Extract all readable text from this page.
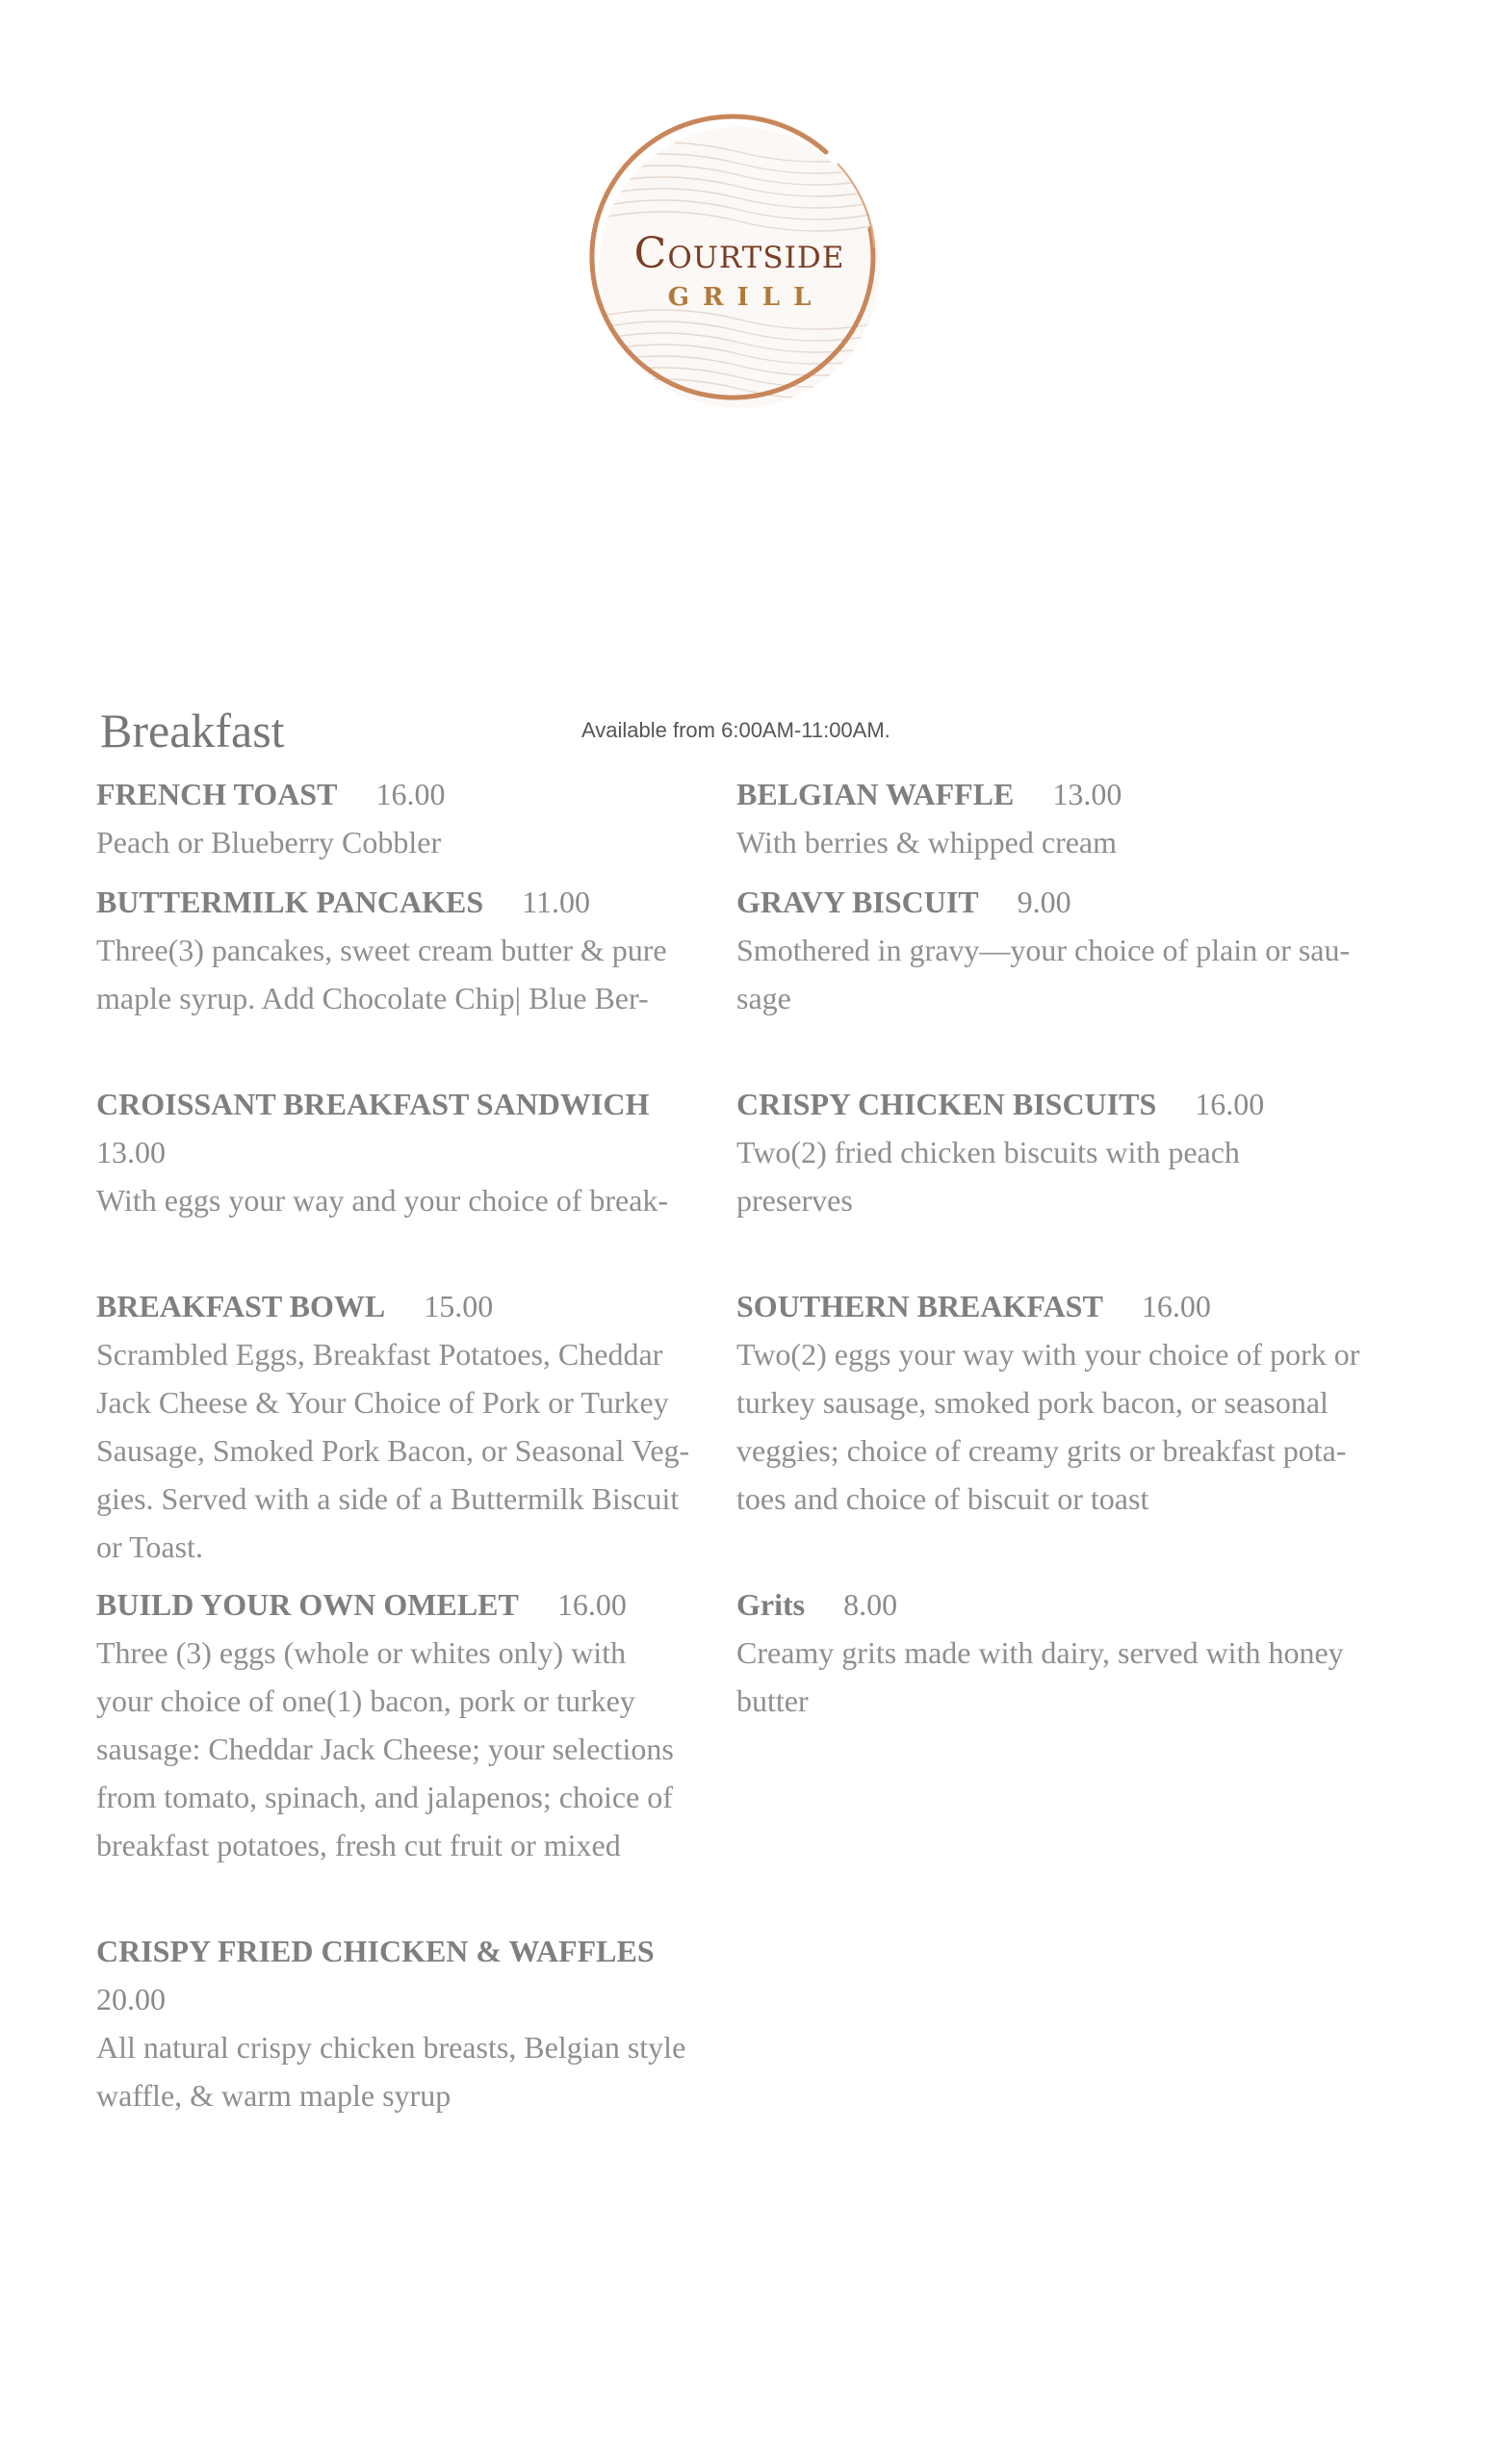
Courtside
GRILL
Breakfast	Available from 6:00AM-11:00AM.
FRENCH TOAST 16.00
Peach or Blueberry Cobbler
BUTTERMILK PANCAKES 11.00
Three(3) pancakes, sweet cream butter & pure
maple syrup. Add Chocolate Chip| Blue Ber-
CROISSANT BREAKFAST SANDWICH
13.00
With eggs your way and your choice of break-
BREAKFAST BOWL 15.00
Scrambled Eggs, Breakfast Potatoes, Cheddar
Jack Cheese & Your Choice of Pork or Turkey
Sausage, Smoked Pork Bacon, or Seasonal Veg-
gies. Served with a side of a Buttermilk Biscuit
or Toast.
BUILD YOUR OWN OMELET 16.00
Three (3) eggs (whole or whites only) with
your choice of one(1) bacon, pork or turkey
sausage: Cheddar Jack Cheese; your selections
from tomato, spinach, and jalapenos; choice of
breakfast potatoes, fresh cut fruit or mixed
CRISPY FRIED CHICKEN & WAFFLES
20.00
All natural crispy chicken breasts, Belgian style
waffle, & warm maple syrup
BELGIAN WAFFLE 13.00
With berries & whipped cream
GRAVY BISCUIT 9.00
Smothered in gravy—your choice of plain or sau-
sage
CRISPY CHICKEN BISCUITS 16.00
Two(2) fried chicken biscuits with peach
preserves
SOUTHERN BREAKFAST 16.00
Two(2) eggs your way with your choice of pork or
turkey sausage, smoked pork bacon, or seasonal
veggies; choice of creamy grits or breakfast pota-
toes and choice of biscuit or toast
Grits 8.00
Creamy grits made with dairy, served with honey
butter
